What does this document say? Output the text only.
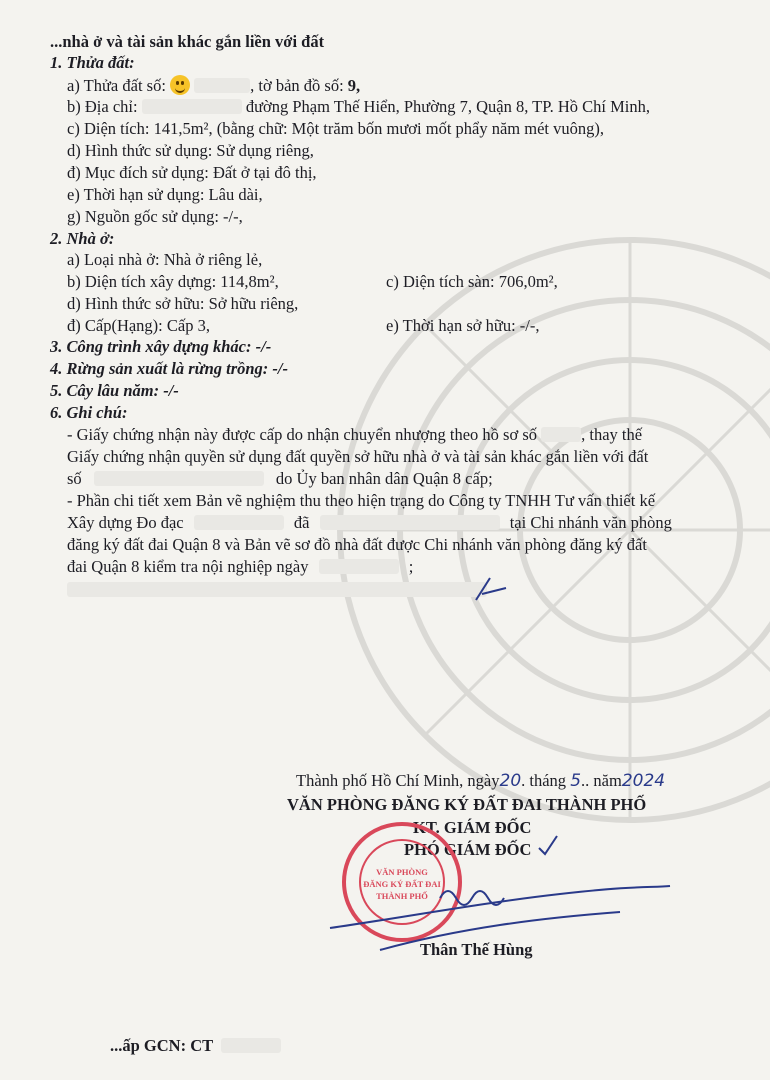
...nhà ở và tài sản khác gắn liền với đất
1. Thửa đất:
a) Thửa đất số:	, tờ bản đồ số: 9,
b) Địa chỉ:	đường Phạm Thế Hiển, Phường 7, Quận 8, TP. Hồ Chí Minh,
c) Diện tích: 141,5m², (bằng chữ: Một trăm bốn mươi mốt phẩy năm mét vuông),
d) Hình thức sử dụng: Sử dụng riêng,
đ) Mục đích sử dụng: Đất ở tại đô thị,
e) Thời hạn sử dụng: Lâu dài,
g) Nguồn gốc sử dụng: -/-,
2. Nhà ở:
a) Loại nhà ở: Nhà ở riêng lẻ,
b) Diện tích xây dựng: 114,8m²,	c) Diện tích sàn: 706,0m²,
d) Hình thức sở hữu: Sở hữu riêng,
đ) Cấp(Hạng): Cấp 3,	e) Thời hạn sở hữu: -/-,
3. Công trình xây dựng khác: -/-
4. Rừng sản xuất là rừng trồng: -/-
5. Cây lâu năm: -/-
6. Ghi chú:
- Giấy chứng nhận này được cấp do nhận chuyển nhượng theo hồ sơ số	, thay thế
Giấy chứng nhận quyền sử dụng đất quyền sở hữu nhà ở và tài sản khác gắn liền với đất
số	do Ủy ban nhân dân Quận 8 cấp;
- Phần chi tiết xem Bản vẽ nghiệm thu theo hiện trạng do Công ty TNHH Tư vấn thiết kế
Xây dựng Đo đạc	đã	tại Chi nhánh văn phòng
đăng ký đất đai Quận 8 và Bản vẽ sơ đồ nhà đất được Chi nhánh văn phòng đăng ký đất
đai Quận 8 kiểm tra nội nghiệp ngày	;
Thành phố Hồ Chí Minh, ngày20. tháng 5.. năm2024
VĂN PHÒNG ĐĂNG KÝ ĐẤT ĐAI THÀNH PHỐ
KT. GIÁM ĐỐC
PHÓ GIÁM ĐỐC
VĂN PHÒNG
ĐĂNG KÝ ĐẤT ĐAI
THÀNH PHỐ
Thân Thế Hùng
...ấp GCN: CT
